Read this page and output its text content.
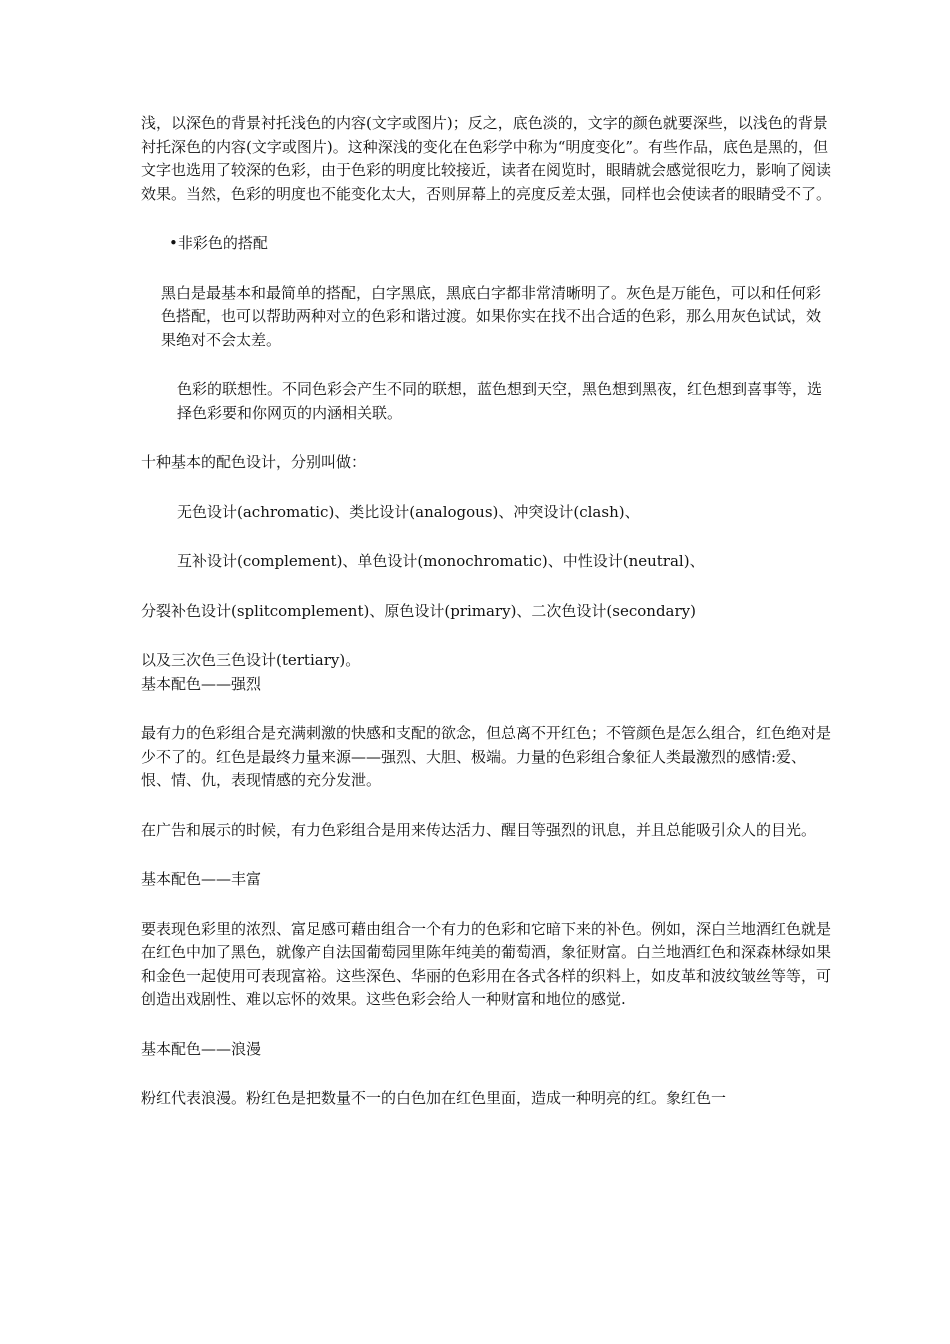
浅，以深色的背景衬托浅色的内容(文字或图片)；反之，底色淡的，文字的颜色就要深些，以浅色的背景衬托深色的内容(文字或图片)。这种深浅的变化在色彩学中称为“明度变化”。有些作品，底色是黑的，但文字也选用了较深的色彩，由于色彩的明度比较接近，读者在阅览时，眼睛就会感觉很吃力，影响了阅读效果。当然，色彩的明度也不能变化太大，否则屏幕上的亮度反差太强，同样也会使读者的眼睛受不了。

•非彩色的搭配

黑白是最基本和最简单的搭配，白字黑底，黑底白字都非常清晰明了。灰色是万能色，可以和任何彩色搭配，也可以帮助两种对立的色彩和谐过渡。如果你实在找不出合适的色彩，那么用灰色试试，效果绝对不会太差。

色彩的联想性。不同色彩会产生不同的联想，蓝色想到天空，黑色想到黑夜，红色想到喜事等，选择色彩要和你网页的内涵相关联。

十种基本的配色设计，分别叫做：

无色设计(achromatic)、类比设计(analogous)、冲突设计(clash)、

互补设计(complement)、单色设计(monochromatic)、中性设计(neutral)、

分裂补色设计(splitcomplement)、原色设计(primary)、二次色设计(secondary)

以及三次色三色设计(tertiary)。

基本配色——强烈

最有力的色彩组合是充满刺激的快感和支配的欲念，但总离不开红色；不管颜色是怎么组合，红色绝对是少不了的。红色是最终力量来源——强烈、大胆、极端。力量的色彩组合象征人类最激烈的感情:爱、恨、情、仇，表现情感的充分发泄。

在广告和展示的时候，有力色彩组合是用来传达活力、醒目等强烈的讯息，并且总能吸引众人的目光。

基本配色——丰富

要表现色彩里的浓烈、富足感可藉由组合一个有力的色彩和它暗下来的补色。例如，深白兰地酒红色就是在红色中加了黑色，就像产自法国葡萄园里陈年纯美的葡萄酒，象征财富。白兰地酒红色和深森林绿如果和金色一起使用可表现富裕。这些深色、华丽的色彩用在各式各样的织料上，如皮革和波纹皱丝等等，可创造出戏剧性、难以忘怀的效果。这些色彩会给人一种财富和地位的感觉.

基本配色——浪漫

粉红代表浪漫。粉红色是把数量不一的白色加在红色里面，造成一种明亮的红。象红色一
